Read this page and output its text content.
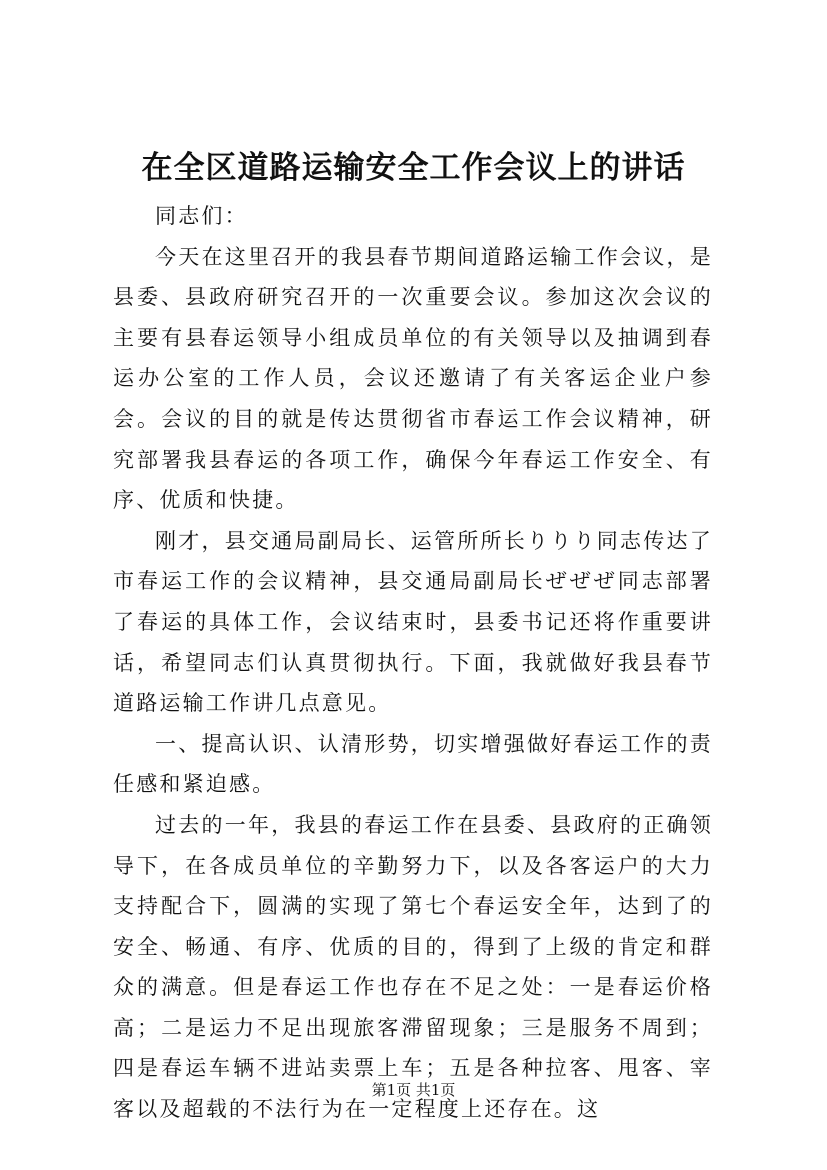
在全区道路运输安全工作会议上的讲话

同志们：

今天在这里召开的我县春节期间道路运输工作会议，是县委、县政府研究召开的一次重要会议。参加这次会议的主要有县春运领导小组成员单位的有关领导以及抽调到春运办公室的工作人员，会议还邀请了有关客运企业户参会。会议的目的就是传达贯彻省市春运工作会议精神，研究部署我县春运的各项工作，确保今年春运工作安全、有序、优质和快捷。

刚才，县交通局副局长、运管所所长りりり同志传达了市春运工作的会议精神，县交通局副局长ぜぜぜ同志部署了春运的具体工作，会议结束时，县委书记还将作重要讲话，希望同志们认真贯彻执行。下面，我就做好我县春节道路运输工作讲几点意见。

一、提高认识、认清形势，切实增强做好春运工作的责任感和紧迫感。

过去的一年，我县的春运工作在县委、县政府的正确领导下，在各成员单位的辛勤努力下，以及各客运户的大力支持配合下，圆满的实现了第七个春运安全年，达到了的安全、畅通、有序、优质的目的，得到了上级的肯定和群众的满意。但是春运工作也存在不足之处：一是春运价格高；二是运力不足出现旅客滞留现象；三是服务不周到；四是春运车辆不进站卖票上车；五是各种拉客、甩客、宰客以及超载的不法行为在一定程度上还存在。这

第1页 共1页
